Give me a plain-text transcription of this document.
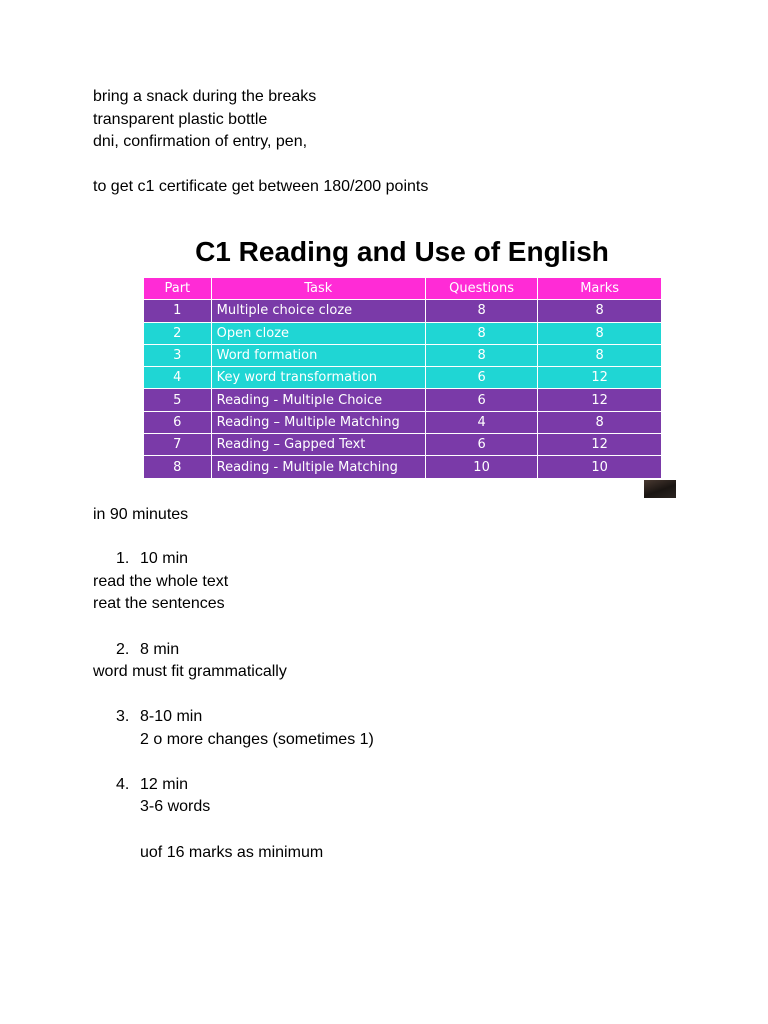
bring a snack during the breaks
transparent plastic bottle
dni, confirmation of entry, pen,
to get c1 certificate get between 180/200 points
C1 Reading and Use of English
Part	Task	Questions	Marks
1	Multiple choice cloze	8	8
2	Open cloze	8	8
3	Word formation	8	8
4	Key word transformation	6	12
5	Reading - Multiple Choice	6	12
6	Reading – Multiple Matching	4	8
7	Reading – Gapped Text	6	12
8	Reading - Multiple Matching	10	10
in 90 minutes
1. 10 min
read the whole text
reat the sentences
2. 8 min
word must fit grammatically
3. 8-10 min
2 o more changes (sometimes 1)
4. 12 min
3-6 words
uof 16 marks as minimum
